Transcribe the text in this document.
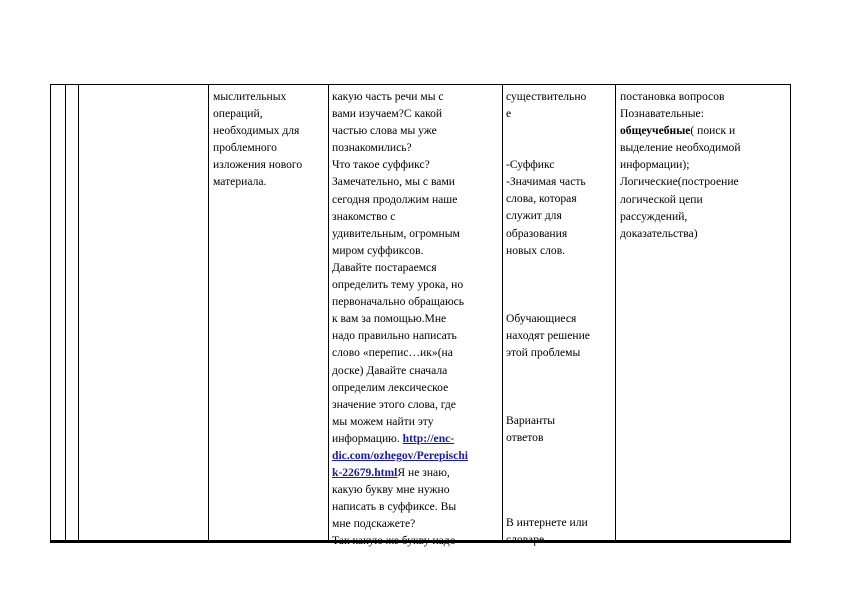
мыслительных

операций,

необходимых для

проблемного

изложения нового

материала.

какую часть речи мы с

вами изучаем?С какой

частью слова мы уже

познакомились?

Что такое суффикс?

Замечательно, мы с вами

сегодня продолжим наше

знакомство с

удивительным, огромным

миром суффиксов.

Давайте постараемся

определить тему урока, но

первоначально обращаюсь

к вам за помощью.Мне

надо правильно написать

слово «перепис…ик»(на

доске) Давайте сначала

определим лексическое

значение этого слова, где

мы можем найти эту

информацию. http://enc-

dic.com/ozhegov/Perepischi

k-22679.htmlЯ не знаю,

какую букву мне нужно

написать в суффиксе. Вы

мне подскажете?

Так какую же букву надо

существительно

е

-Суффикс

-Значимая часть

слова, которая

служит для

образования

новых слов.

Обучающиеся

находят решение

этой проблемы

Варианты

ответов

В интернете или

словаре.

постановка вопросов

Познавательные:

общеучебные( поиск и

выделение необходимой

информации);

Логические(построение

логической цепи

рассуждений,

доказательства)
